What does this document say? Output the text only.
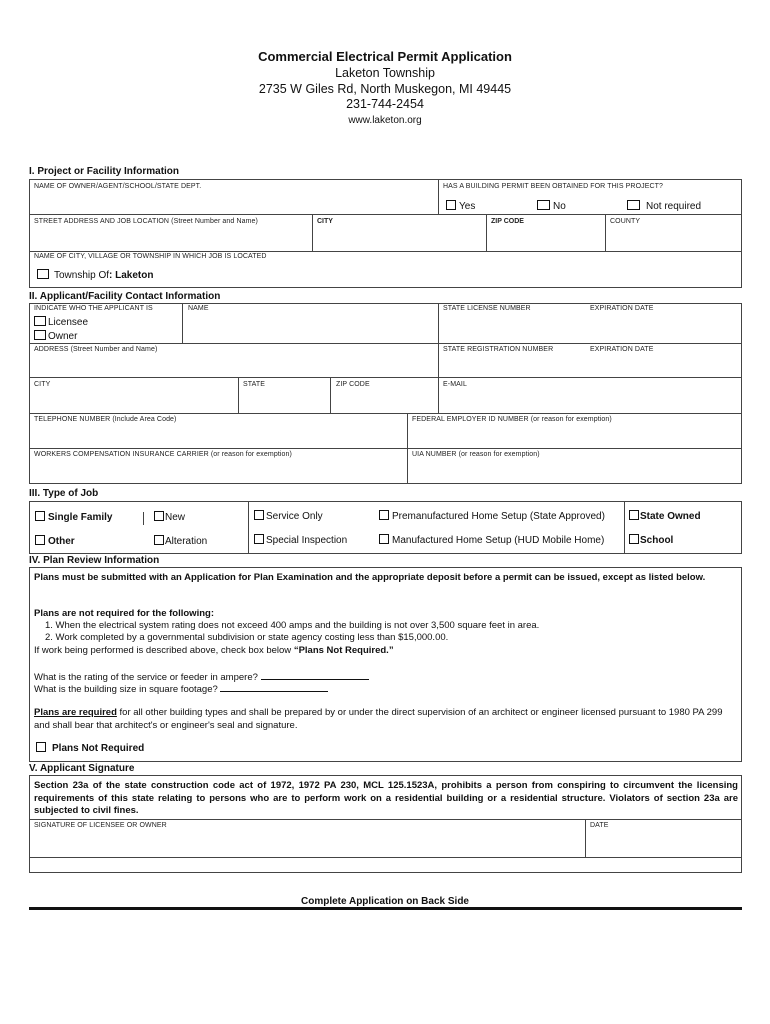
Commercial Electrical Permit Application
Laketon Township
2735 W Giles Rd, North Muskegon, MI 49445
231-744-2454
www.laketon.org
I. Project or Facility Information
NAME OF OWNER/AGENT/SCHOOL/STATE DEPT.	HAS A BUILDING PERMIT BEEN OBTAINED FOR THIS PROJECT?
Yes	No	Not required
STREET ADDRESS AND JOB LOCATION (Street Number and Name)	CITY	ZIP CODE	COUNTY
NAME OF CITY, VILLAGE OR TOWNSHIP IN WHICH JOB IS LOCATED
Township Of: Laketon
II. Applicant/Facility Contact Information
INDICATE WHO THE APPLICANT IS
Licensee
Owner
NAME	STATE LICENSE NUMBER	EXPIRATION DATE
ADDRESS (Street Number and Name)	STATE REGISTRATION NUMBER	EXPIRATION DATE
CITY	STATE	ZIP CODE	E-MAIL
TELEPHONE NUMBER (Include Area Code)	FEDERAL EMPLOYER ID NUMBER (or reason for exemption)
WORKERS COMPENSATION INSURANCE CARRIER (or reason for exemption)	UIA NUMBER (or reason for exemption)
III. Type of Job
Single Family
Other
New
Alteration
Service Only
Special Inspection
Premanufactured Home Setup (State Approved)
Manufactured Home Setup (HUD Mobile Home)
State Owned
School
IV. Plan Review Information
Plans must be submitted with an Application for Plan Examination and the appropriate deposit before a permit can be issued, except as listed below.
Plans are not required for the following:
1. When the electrical system rating does not exceed 400 amps and the building is not over 3,500 square feet in area.
2. Work completed by a governmental subdivision or state agency costing less than $15,000.00.
If work being performed is described above, check box below “Plans Not Required.”
What is the rating of the service or feeder in ampere?
What is the building size in square footage?
Plans are required for all other building types and shall be prepared by or under the direct supervision of an architect or engineer licensed pursuant to 1980 PA 299 and shall bear that architect's or engineer's seal and signature.
Plans Not Required
V. Applicant Signature
Section 23a of the state construction code act of 1972, 1972 PA 230, MCL 125.1523A, prohibits a person from conspiring to circumvent the licensing requirements of this state relating to persons who are to perform work on a residential building or a residential structure. Violators of section 23a are subjected to civil fines.
SIGNATURE OF LICENSEE OR OWNER	DATE
Complete Application on Back Side
